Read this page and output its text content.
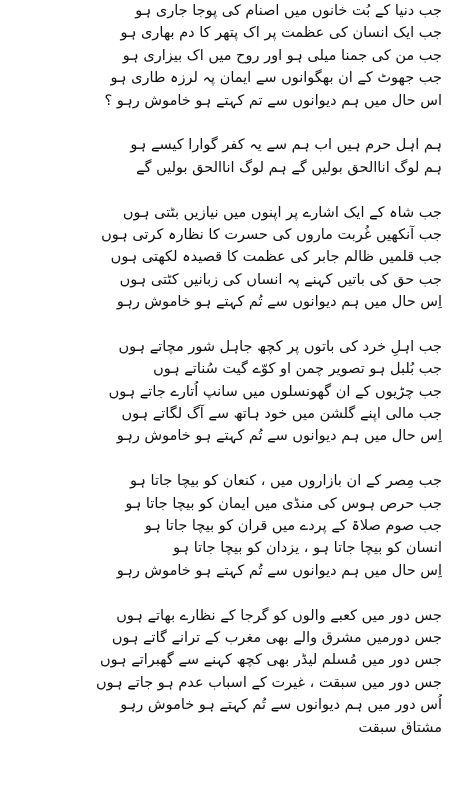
جب دنیا کے بُت خانوں میں اصنام کی پوجا جاری ہو
جب ایک انسان کی عظمت پر اک پتھر کا دم بھاری ہو
جب من کی جمنا میلی ہو اور روح میں اک بیزاری ہو
جب جھوٹ کے ان بھگوانوں سے ایمان پہ لرزہ طاری ہو
اس حال میں ہم دیوانوں سے تم کہتے ہو خاموش رہو ؟
ہم اہل حرم ہیں اب ہم سے یہ کفر گوارا کیسے ہو
ہم لوگ اناالحق بولیں گے ہم لوگ اناالحق بولیں گے
جب شاہ کے ایک اشارے پر اپنوں میں نیازیں بٹتی ہوں
جب آنکھیں غُربت ماروں کی حسرت کا نظارہ کرتی ہوں
جب قلمیں ظالم جابر کی عظمت کا قصیدہ لکھتی ہوں
جب حق کی باتیں کہنے پہ انساں کی زبانیں کٹتی ہوں
اِس حال میں ہم دیوانوں سے تُم کہتے ہو خاموش رہو
جب اہلِ خرد کی باتوں پر کچھ جاہل شور مچاتے ہوں
جب بُلبل ہو تصویر چمن او کوّے گیت سُناتے ہوں
جب چڑیوں کے ان گھونسلوں میں سانپ اُتارے جاتے ہوں
جب مالی اپنے گلشن میں خود ہاتھ سے آگ لگاتے ہوں
اِس حال میں ہم دیوانوں سے تُم کہتے ہو خاموش رہو
جب مِصر کے ان بازاروں میں ، کنعان کو بیچا جاتا ہو
جب حرص ہوس کی منڈی میں ایمان کو بیچا جاتا ہو
جب صوم صلاۃ کے پردے میں قران کو بیچا جاتا ہو
انسان کو بیچا جاتا ہو ، یزدان کو بیچا جاتا ہو
اِس حال میں ہم دیوانوں سے تُم کہتے ہو خاموش رہو
جس دور میں کعبے والوں کو گرجا کے نظارے بھاتے ہوں
جس دورمیں مشرق والے بھی مغرب کے ترانے گاتے ہوں
جس دور میں مُسلم لیڈر بھی کچھ کہنے سے گھبراتے ہوں
جس دور میں سبقت ، غیرت کے اسباب عدم ہو جاتے ہوں
اُس دور میں ہم دیوانوں سے تُم کہتے ہو خاموش رہو
مشتاق سبقت
